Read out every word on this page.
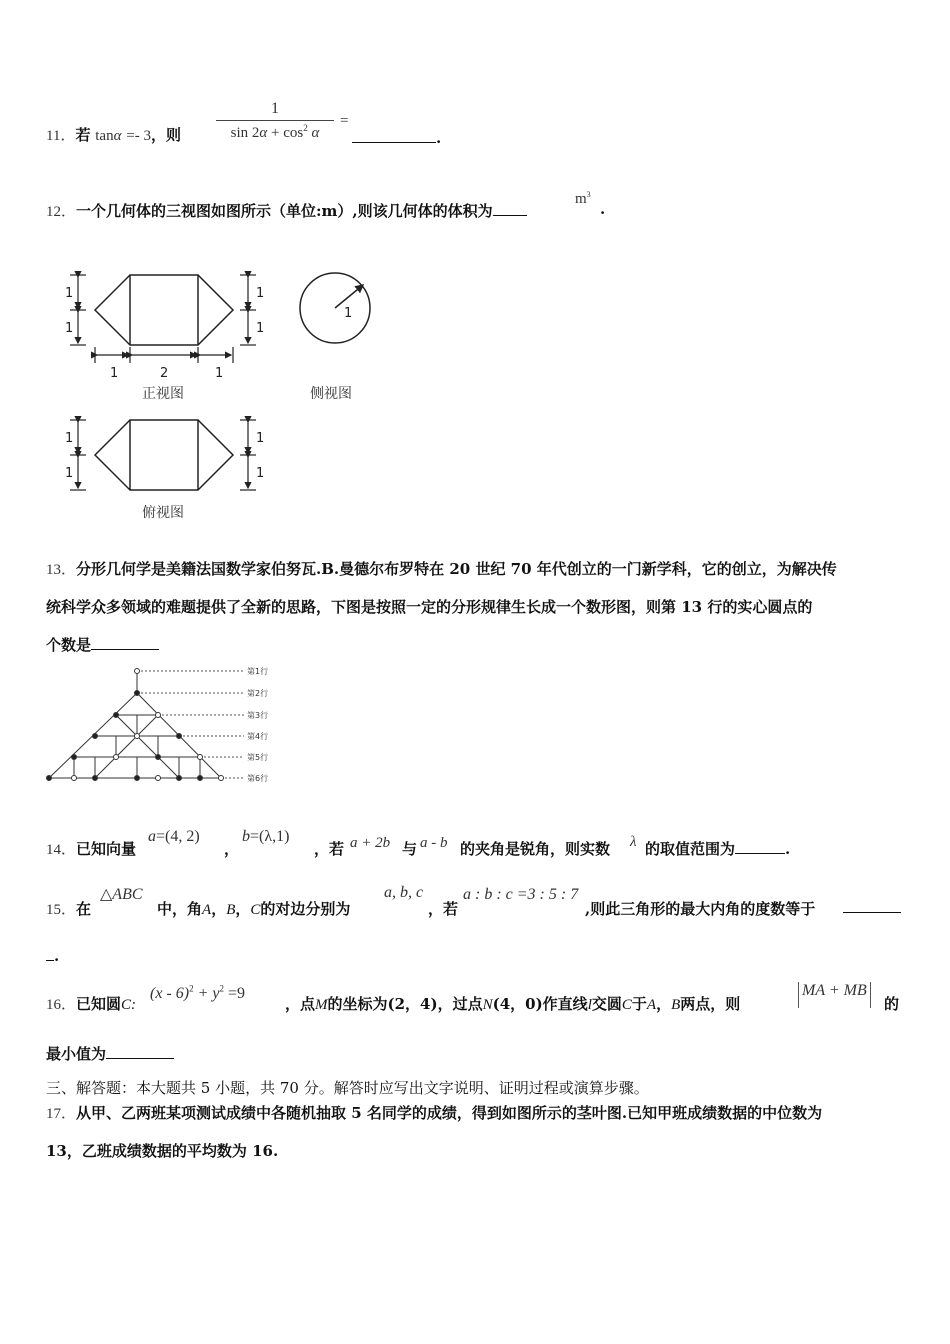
11．若 tanα =- 3，则
1
$\sin 2\alpha + \cos^2 \alpha$
=
.
12．一个几何体的三视图如图所示（单位:m）,则该几何体的体积为
$m^3$
.
1
1
1
1
1	2	1
正视图
1
侧视图
1
1
1
1
俯视图
13．分形几何学是美籍法国数学家伯努瓦.B.曼德尔布罗特在 20 世纪 70 年代创立的一门新学科，它的创立，为解决传
统科学众多领域的难题提供了全新的思路，下图是按照一定的分形规律生长成一个数形图，则第 13 行的实心圆点的
个数是
第1行
第2行
第3行
第4行
第5行
第6行
14．已知向量
a=(4, 2)
，
b=(λ,1)
，若 a + 2b 与 a - b 的夹角是锐角，则实数 λ 的取值范围为	.
15．在
△ABC
中，角A，B，C的对边分别为
a, b, c
，若
a : b : c =3 : 5 : 7
,则此三角形的最大内角的度数等于
.
16．已知圆C:
$(x - 6)^2 + y^2 =9$
，点M的坐标为(2，4)，过点N(4，0)作直线l交圆C于A，B两点，则
MA + MB
的
最小值为
三、解答题：本大题共 5 小题，共 70 分。解答时应写出文字说明、证明过程或演算步骤。
17．从甲、乙两班某项测试成绩中各随机抽取 5 名同学的成绩，得到如图所示的茎叶图.已知甲班成绩数据的中位数为
13，乙班成绩数据的平均数为 16.
